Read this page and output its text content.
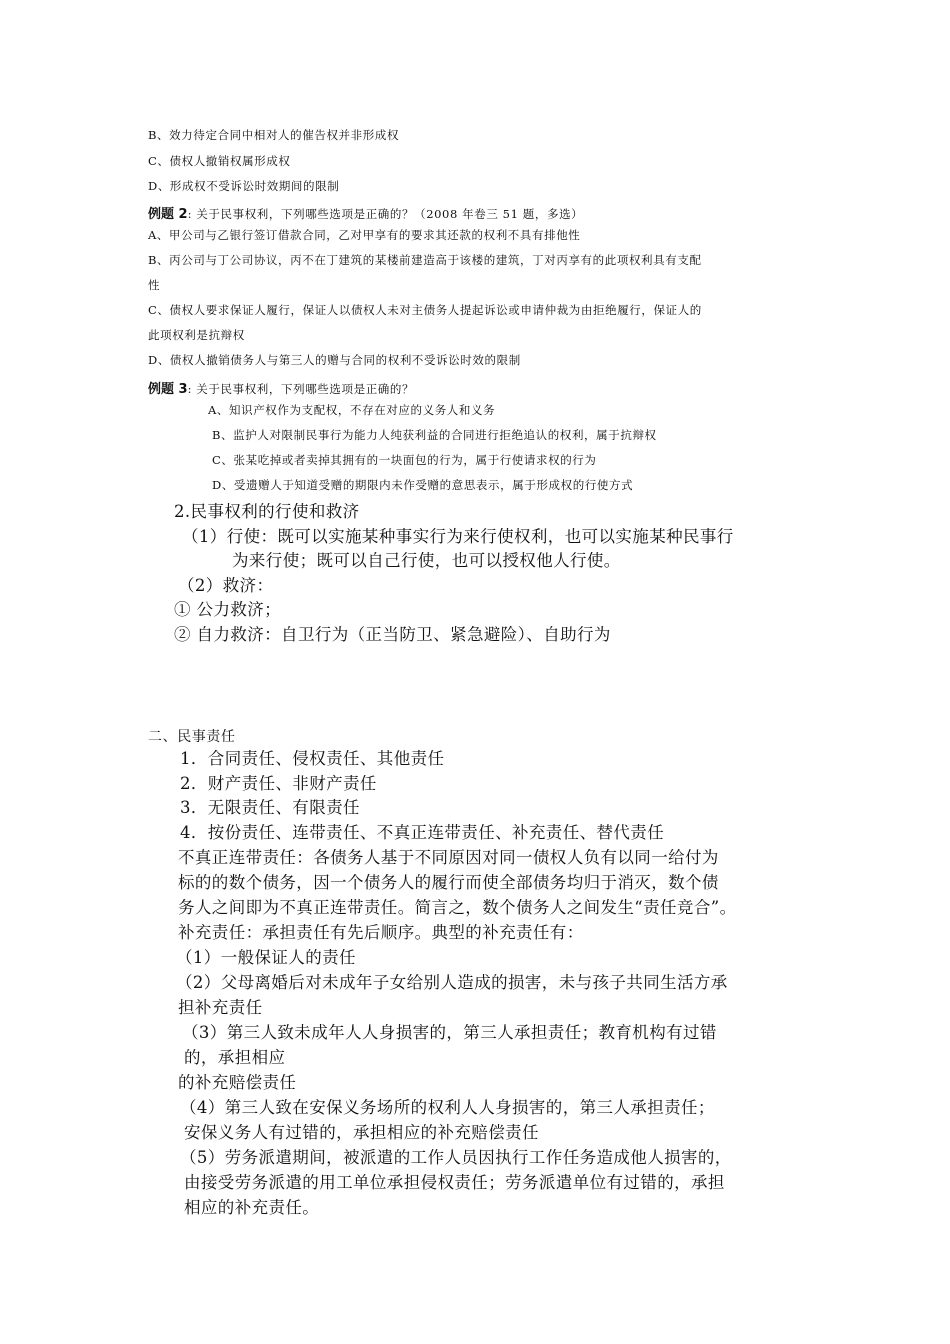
B、效力待定合同中相对人的催告权并非形成权
C、债权人撤销权属形成权
D、形成权不受诉讼时效期间的限制
例题 2: 关于民事权利，下列哪些选项是正确的？（2008 年卷三 51 题，多选）
A、甲公司与乙银行签订借款合同，乙对甲享有的要求其还款的权利不具有排他性
B、丙公司与丁公司协议，丙不在丁建筑的某楼前建造高于该楼的建筑，丁对丙享有的此项权利具有支配
性
C、债权人要求保证人履行，保证人以债权人未对主债务人提起诉讼或申请仲裁为由拒绝履行，保证人的
此项权利是抗辩权
D、债权人撤销债务人与第三人的赠与合同的权利不受诉讼时效的限制
例题 3: 关于民事权利，下列哪些选项是正确的？
A、知识产权作为支配权，不存在对应的义务人和义务
B、监护人对限制民事行为能力人纯获利益的合同进行拒绝追认的权利，属于抗辩权
C、张某吃掉或者卖掉其拥有的一块面包的行为，属于行使请求权的行为
D、受遗赠人于知道受赠的期限内未作受赠的意思表示，属于形成权的行使方式
2.民事权利的行使和救济
（1）行使：既可以实施某种事实行为来行使权利，也可以实施某种民事行
为来行使；既可以自己行使，也可以授权他人行使。
（2）救济：
① 公力救济；
② 自力救济：自卫行为（正当防卫、紧急避险）、自助行为
二、民事责任
1．合同责任、侵权责任、其他责任
2．财产责任、非财产责任
3．无限责任、有限责任
4．按份责任、连带责任、不真正连带责任、补充责任、替代责任
不真正连带责任：各债务人基于不同原因对同一债权人负有以同一给付为
标的的数个债务，因一个债务人的履行而使全部债务均归于消灭，数个债
务人之间即为不真正连带责任。简言之，数个债务人之间发生“责任竞合”。
补充责任：承担责任有先后顺序。典型的补充责任有：
（1）一般保证人的责任
（2）父母离婚后对未成年子女给别人造成的损害，未与孩子共同生活方承
担补充责任
（3）第三人致未成年人人身损害的，第三人承担责任；教育机构有过错
的，承担相应
的补充赔偿责任
（4）第三人致在安保义务场所的权利人人身损害的，第三人承担责任；
安保义务人有过错的，承担相应的补充赔偿责任
（5）劳务派遣期间，被派遣的工作人员因执行工作任务造成他人损害的，
由接受劳务派遣的用工单位承担侵权责任；劳务派遣单位有过错的，承担
相应的补充责任。
